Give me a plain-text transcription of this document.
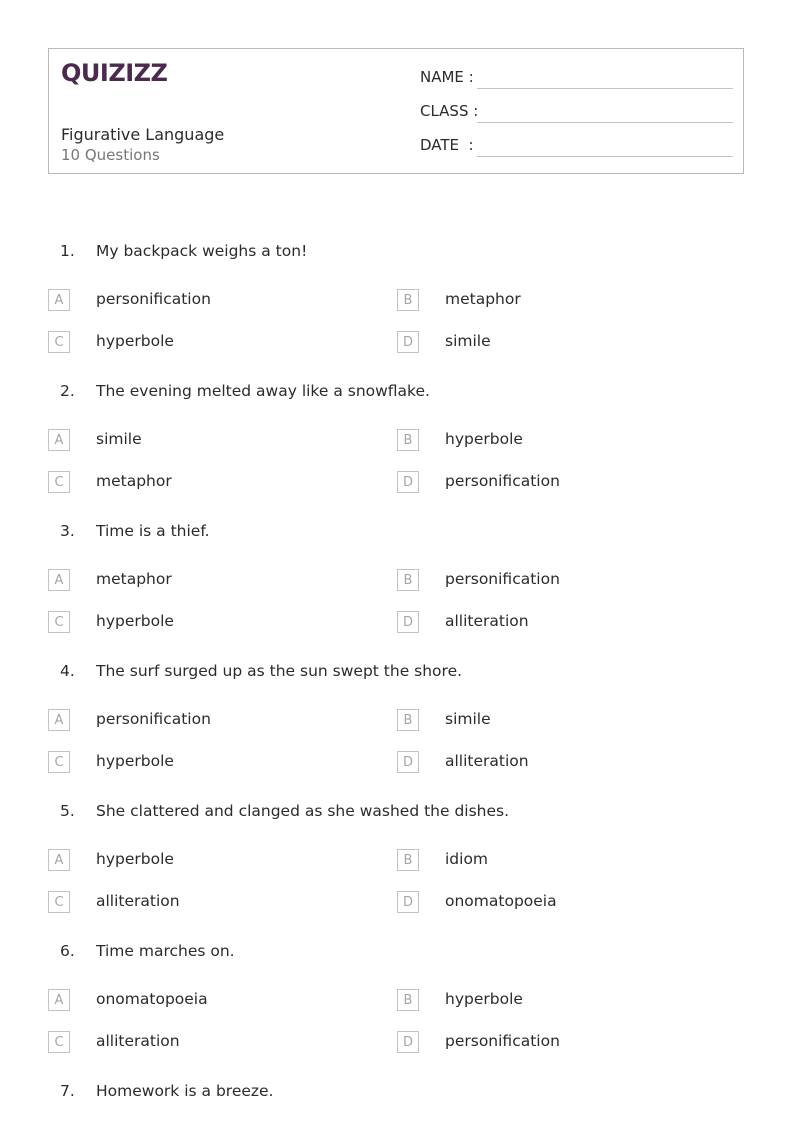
QUIZIZZ
Figurative Language
10 Questions
NAME :
CLASS :
DATE  :
1. My backpack weighs a ton!
A	personification	B	metaphor
C	hyperbole	D	simile
2. The evening melted away like a snowflake.
A	simile	B	hyperbole
C	metaphor	D	personification
3. Time is a thief.
A	metaphor	B	personification
C	hyperbole	D	alliteration
4. The surf surged up as the sun swept the shore.
A	personification	B	simile
C	hyperbole	D	alliteration
5. She clattered and clanged as she washed the dishes.
A	hyperbole	B	idiom
C	alliteration	D	onomatopoeia
6. Time marches on.
A	onomatopoeia	B	hyperbole
C	alliteration	D	personification
7. Homework is a breeze.
